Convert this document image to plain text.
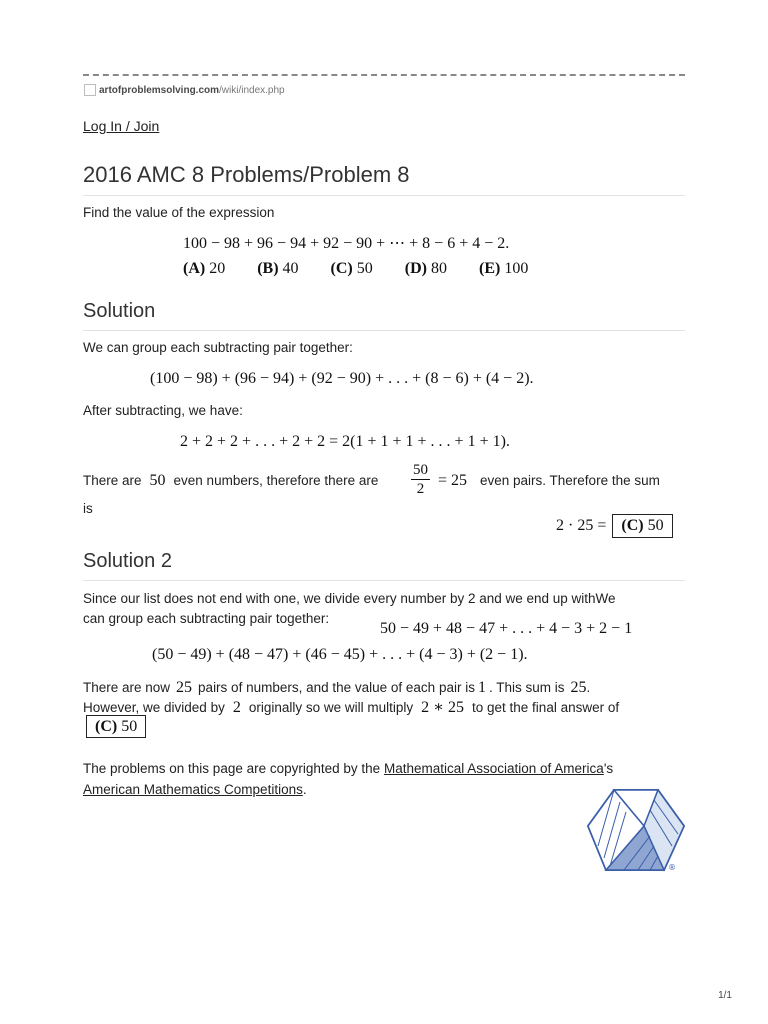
artofproblemsolving.com /wiki/index.php
Log In / Join
2016 AMC 8 Problems/Problem 8
Find the value of the expression
100 − 98 + 96 − 94 + 92 − 90 + ⋯ + 8 − 6 + 4 − 2.
(A) 20 (B) 40 (C) 50 (D) 80 (E) 100
Solution
We can group each subtracting pair together:
(100 − 98) + (96 − 94) + (92 − 90) + . . . + (8 − 6) + (4 − 2).
After subtracting, we have:
2 + 2 + 2 + . . . + 2 + 2 = 2(1 + 1 + 1 + . . . + 1 + 1).
There are 50 even numbers, therefore there are $\frac{50}{2} = 25$ even pairs. Therefore the sum
is
2 · 25 = (C) 50
Solution 2
Since our list does not end with one, we divide every number by 2 and we end up withWe
can group each subtracting pair together:
50 − 49 + 48 − 47 + . . . + 4 − 3 + 2 − 1
(50 − 49) + (48 − 47) + (46 − 45) + . . . + (4 − 3) + (2 − 1).
There are now 25 pairs of numbers, and the value of each pair is 1 . This sum is 25 .
However, we divided by 2 originally so we will multiply 2 ∗ 25 to get the final answer of
(C) 50
The problems on this page are copyrighted by the Mathematical Association of America's
American Mathematics Competitions.
®
1/1
